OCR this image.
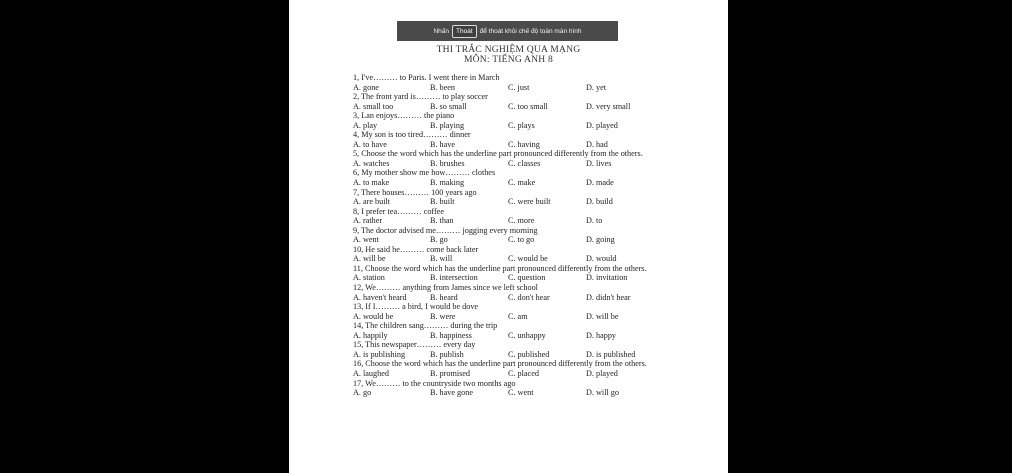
Nhấn	Thoát	để thoát khỏi chế độ toàn màn hình
THI TRẮC NGHIỆM QUA MẠNG
MÔN: TIẾNG ANH 8
1, I've……… to Paris. I went there in March
A. gone	B. been	C. just	D. yet
2, The front yard is……… to play soccer
A. small too	B. so small	C. too small	D. very small
3, Lan enjoys……… the piano
A. play	B. playing	C. plays	D. played
4, My son is too tired……… dinner
A. to have	B. have	C. having	D. had
5, Choose the word which has the underline part pronounced differently from the others.
A. watches	B. brushes	C. classes	D. lives
6, My mother show me how……… clothes
A. to make	B. making	C. make	D. made
7, There houses……… 100 years ago
A. are built	B. built	C. were built	D. build
8, I prefer tea……… coffee
A. rather	B. than	C. more	D. to
9, The doctor advised me……… jogging every morning
A. went	B. go	C. to go	D. going
10, He said he……… come back later
A. will be	B. will	C. would be	D. would
11, Choose the word which has the underline part pronounced differently from the others.
A. station	B. intersection	C. question	D. invitation
12, We……… anything from James since we left school
A. haven't heard	B. heard	C. don't hear	D. didn't hear
13, If I……… a bird, I would be dove
A. would be	B. were	C. am	D. will be
14, The children sang……… during the trip
A. happily	B. happiness	C. unhappy	D. happy
15, This newspaper……… every day
A. is publishing	B. publish	C. published	D. is published
16, Choose the word which has the underline part pronounced differently from the others.
A. laughed	B. promised	C. placed	D. played
17, We……… to the countryside two months ago
A. go	B. have gone	C. went	D. will go
